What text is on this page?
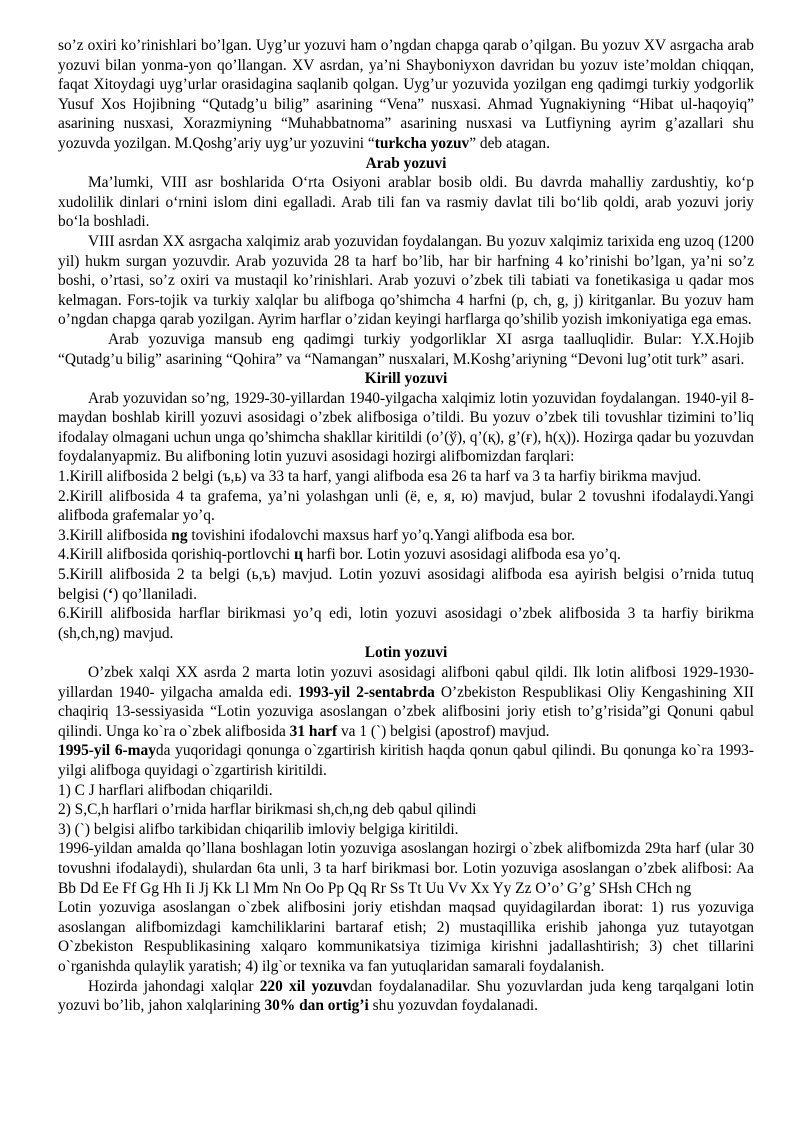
so’z oxiri ko’rinishlari bo’lgan. Uyg’ur yozuvi ham o’ngdan chapga qarab o’qilgan. Bu yozuv XV asrgacha arab yozuvi bilan yonma-yon qo’llangan. XV asrdan, ya’ni Shayboniyxon davridan bu yozuv iste’moldan chiqqan, faqat Xitoydagi uyg’urlar orasidagina saqlanib qolgan. Uyg’ur yozuvida yozilgan eng qadimgi turkiy yodgorlik Yusuf Xos Hojibning “Qutadg’u bilig” asarining “Vena” nusxasi. Ahmad Yugnakiyning “Hibat ul-haqoyiq” asarining nusxasi, Xorazmiyning “Muhabbatnoma” asarining nusxasi va Lutfiyning ayrim g’azallari shu yozuvda yozilgan. M.Qoshg’ariy uyg’ur yozuvini “turkcha yozuv” deb atagan.

Arab yozuvi

Ma’lumki, VIII asr boshlarida O‘rta Osiyoni arablar bosib oldi. Bu davrda mahalliy zardushtiy, ko‘p xudolilik dinlari o‘rnini islom dini egalladi. Arab tili fan va rasmiy davlat tili bo‘lib qoldi, arab yozuvi joriy bo‘la boshladi.

VIII asrdan XX asrgacha xalqimiz arab yozuvidan foydalangan. Bu yozuv xalqimiz tarixida eng uzoq (1200 yil) hukm surgan yozuvdir. Arab yozuvida 28 ta harf bo’lib, har bir harfning 4 ko’rinishi bo’lgan, ya’ni so’z boshi, o’rtasi, so’z oxiri va mustaqil ko’rinishlari. Arab yozuvi o’zbek tili tabiati va fonetikasiga u qadar mos kelmagan. Fors-tojik va turkiy xalqlar bu alifboga qo’shimcha 4 harfni (p, ch, g, j) kiritganlar. Bu yozuv ham o’ngdan chapga qarab yozilgan. Ayrim harflar o’zidan keyingi harflarga qo’shilib yozish imkoniyatiga ega emas.

Arab yozuviga mansub eng qadimgi turkiy yodgorliklar XI asrga taalluqlidir. Bular: Y.X.Hojib “Qutadg’u bilig” asarining “Qohira” va “Namangan” nusxalari, M.Koshg’ariyning “Devoni lug’otit turk” asari.

Kirill yozuvi

Arab yozuvidan so’ng, 1929-30-yillardan 1940-yilgacha xalqimiz lotin yozuvidan foydalangan. 1940-yil 8-maydan boshlab kirill yozuvi asosidagi o’zbek alifbosiga o’tildi. Bu yozuv o’zbek tili tovushlar tizimini to’liq ifodalay olmagani uchun unga qo’shimcha shakllar kiritildi (o’(ў), q’(қ), g’(ғ), h(ҳ)). Hozirga qadar bu yozuvdan foydalanyapmiz. Bu alifboning lotin yuzuvi asosidagi hozirgi alifbomizdan farqlari:

1.Kirill alifbosida 2 belgi (ъ,ь) va 33 ta harf, yangi alifboda esa 26 ta harf va 3 ta harfiy birikma mavjud.

2.Kirill alifbosida 4 ta grafema, ya’ni yolashgan unli (ё, е, я, ю) mavjud, bular 2 tovushni ifodalaydi.Yangi alifboda grafemalar yo’q.

3.Kirill alifbosida ng tovishini ifodalovchi maxsus harf yo’q.Yangi alifboda esa bor.

4.Kirill alifbosida qorishiq-portlovchi ц harfi bor. Lotin yozuvi asosidagi alifboda esa yo’q.

5.Kirill alifbosida 2 ta belgi (ь,ъ) mavjud. Lotin yozuvi asosidagi alifboda esa ayirish belgisi o’rnida tutuq belgisi (‘) qo’llaniladi.

6.Kirill alifbosida harflar birikmasi yo’q edi, lotin yozuvi asosidagi o’zbek alifbosida 3 ta harfiy birikma (sh,ch,ng) mavjud.

Lotin yozuvi

O’zbek xalqi XX asrda 2 marta lotin yozuvi asosidagi alifboni qabul qildi. Ilk lotin alifbosi 1929-1930-yillardan 1940- yilgacha amalda edi. 1993-yil 2-sentabrda O’zbekiston Respublikasi Oliy Kengashining XII chaqiriq 13-sessiyasida “Lotin yozuviga asoslangan o’zbek alifbosini joriy etish to’g’risida”gi Qonuni qabul qilindi. Unga ko`ra o`zbek alifbosida 31 harf va 1 (`) belgisi (apostrof) mavjud.

1995-yil 6-mayda yuqoridagi qonunga o`zgartirish kiritish haqda qonun qabul qilindi. Bu qonunga ko`ra 1993-yilgi alifboga quyidagi o`zgartirish kiritildi.

1) C J harflari alifbodan chiqarildi.

2) S,C,h harflari o’rnida harflar birikmasi sh,ch,ng deb qabul qilindi

3) (`) belgisi alifbo tarkibidan chiqarilib imloviy belgiga kiritildi.

1996-yildan amalda qo’llana boshlagan lotin yozuviga asoslangan hozirgi o`zbek alifbomizda 29ta harf (ular 30 tovushni ifodalaydi), shulardan 6ta unli, 3 ta harf birikmasi bor. Lotin yozuviga asoslangan o’zbek alifbosi: Aa Bb Dd Ee Ff Gg Hh Ii Jj Kk Ll Mm Nn Oo Pp Qq Rr Ss Tt Uu Vv Xx Yy Zz O’o’ G’g’ SHsh CHch ng

Lotin yozuviga asoslangan o`zbek alifbosini joriy etishdan maqsad quyidagilardan iborat: 1) rus yozuviga asoslangan alifbomizdagi kamchiliklarini bartaraf etish; 2) mustaqillika erishib jahonga yuz tutayotgan O`zbekiston Respublikasining xalqaro kommunikatsiya tizimiga kirishni jadallashtirish; 3) chet tillarini o`rganishda qulaylik yaratish; 4) ilg`or texnika va fan yutuqlaridan samarali foydalanish.

Hozirda jahondagi xalqlar 220 xil yozuvdan foydalanadilar. Shu yozuvlardan juda keng tarqalgani lotin yozuvi bo’lib, jahon xalqlarining 30% dan ortig’i shu yozuvdan foydalanadi.
